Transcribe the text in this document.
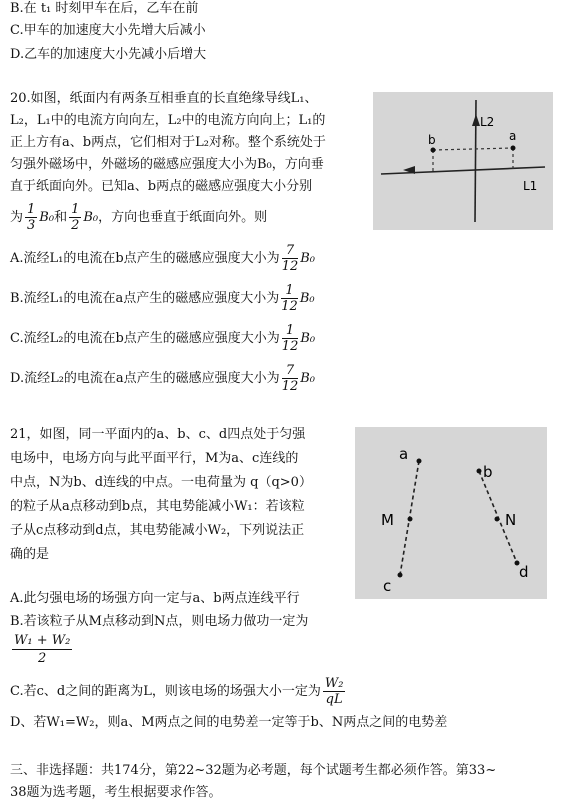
B.在 t₁ 时刻甲车在后，乙车在前
C.甲车的加速度大小先增大后减小
D.乙车的加速度大小先减小后增大
20.如图，纸面内有两条互相垂直的长直绝缘导线L₁、
L₂，L₁中的电流方向向左，L₂中的电流方向向上；L₁的
正上方有a、b两点，它们相对于L₂对称。整个系统处于
匀强外磁场中，外磁场的磁感应强度大小为B₀，方向垂
直于纸面向外。已知a、b两点的磁感应强度大小分别
为 $\frac{1}{3} B_0$和 $\frac{1}{2} B_0$，方向也垂直于纸面向外。则
b	a
L2
L1
A.流经L₁的电流在b点产生的磁感应强度大小为 $\frac{7}{12} B_0$
B.流经L₁的电流在a点产生的磁感应强度大小为 $\frac{1}{12} B_0$
C.流经L₂的电流在b点产生的磁感应强度大小为 $\frac{1}{12} B_0$
D.流经L₂的电流在a点产生的磁感应强度大小为 $\frac{7}{12} B_0$
21，如图，同一平面内的a、b、c、d四点处于匀强
电场中，电场方向与此平面平行，M为a、c连线的
中点，N为b、d连线的中点。一电荷量为 q（q>0）
的粒子从a点移动到b点，其电势能减小W₁：若该粒
子从c点移动到d点，其电势能减小W₂，下列说法正
确的是
a
b
c
d
M	N
A.此匀强电场的场强方向一定与a、b两点连线平行
B.若该粒子从M点移动到N点，则电场力做功一定为
W₁ + W₂
2
C.若c、d之间的距离为L，则该电场的场强大小一定为 $\frac{\text{W₂}}{qL}$
D、若W₁=W₂，则a、M两点之间的电势差一定等于b、N两点之间的电势差
三、非选择题：共174分，第22~32题为必考题，每个试题考生都必须作答。第33~
38题为选考题，考生根据要求作答。
